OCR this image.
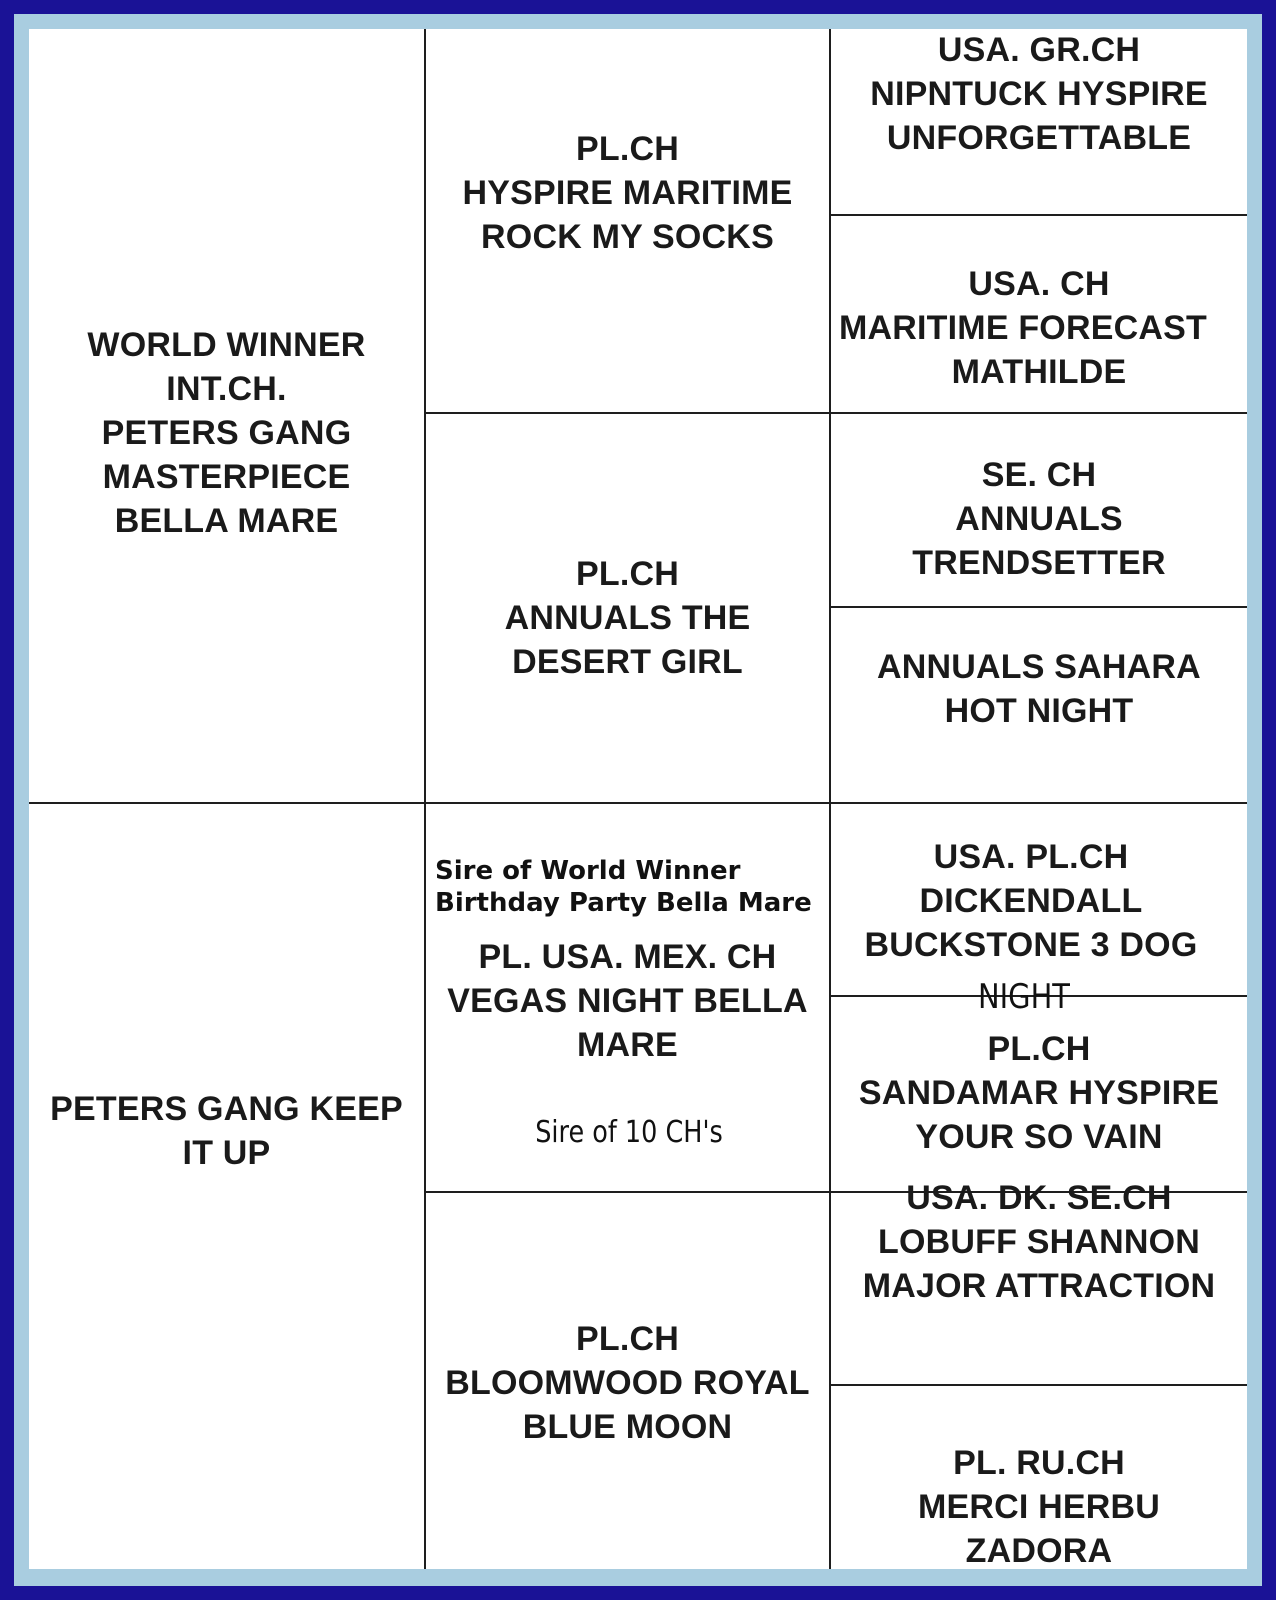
WORLD WINNER
INT.CH.
PETERS GANG
MASTERPIECE
BELLA MARE
PETERS GANG KEEP
IT UP
PL.CH
HYSPIRE MARITIME
ROCK MY SOCKS
PL.CH
ANNUALS THE
DESERT GIRL
Sire of World Winner
Birthday Party Bella Mare
PL. USA. MEX. CH
VEGAS NIGHT BELLA
MARE
Sire of 10 CH's
PL.CH
BLOOMWOOD ROYAL
BLUE MOON
USA. GR.CH
NIPNTUCK HYSPIRE
UNFORGETTABLE
USA. CH
MARITIME FORECAST
MATHILDE
SE. CH
ANNUALS
TRENDSETTER
ANNUALS SAHARA
HOT NIGHT
USA. PL.CH
DICKENDALL
BUCKSTONE 3 DOG
NIGHT
PL.CH
SANDAMAR HYSPIRE
YOUR SO VAIN
USA. DK. SE.CH
LOBUFF SHANNON
MAJOR ATTRACTION
PL. RU.CH
MERCI HERBU
ZADORA
